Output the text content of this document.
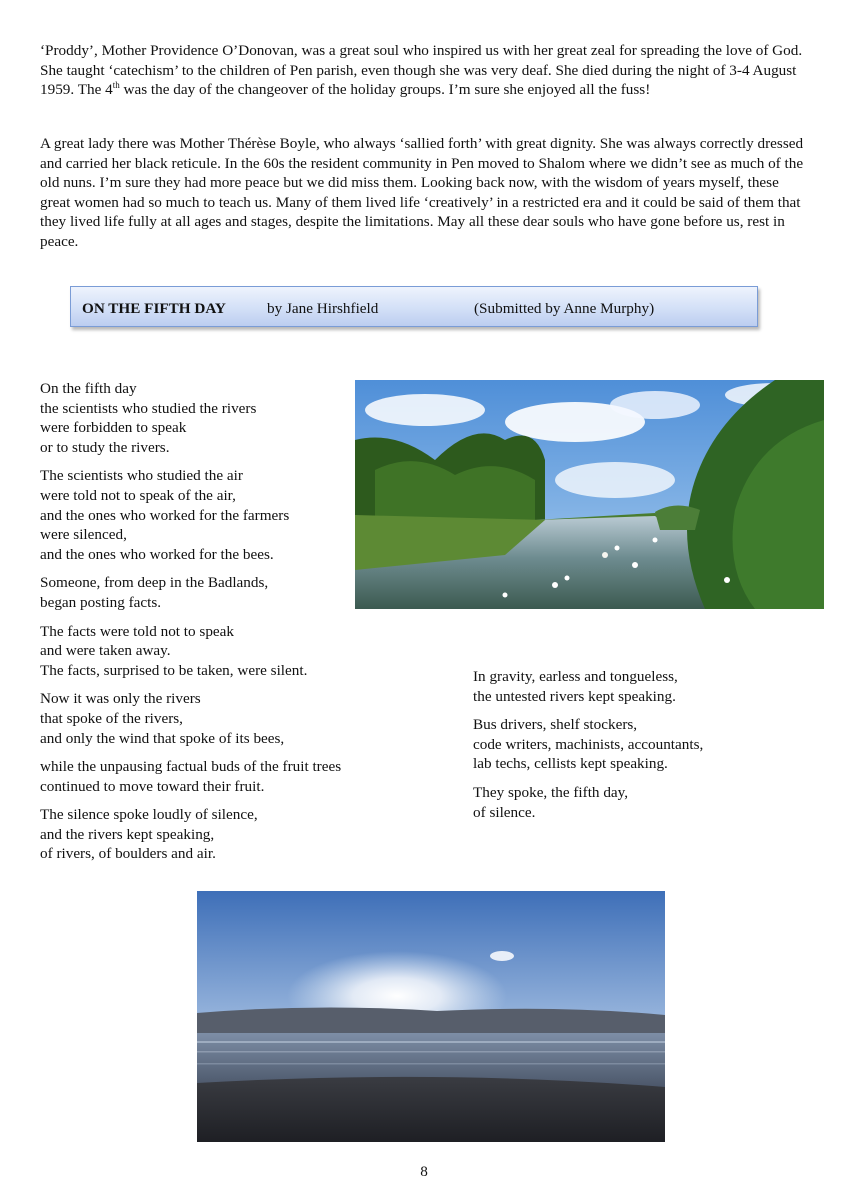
‘Proddy’, Mother Providence O’Donovan, was a great soul who inspired us with her great zeal for spreading the love of God. She taught ‘catechism’ to the children of Pen parish, even though she was very deaf. She died during the night of 3-4 August 1959. The 4th was the day of the changeover of the holiday groups. I’m sure she enjoyed all the fuss!

A great lady there was Mother Thérèse Boyle, who always ‘sallied forth’ with great dignity. She was always correctly dressed and carried her black reticule. In the 60s the resident community in Pen moved to Shalom where we didn’t see as much of the old nuns. I’m sure they had more peace but we did miss them. Looking back now, with the wisdom of years myself, these great women had so much to teach us. Many of them lived life ‘creatively’ in a restricted era and it could be said of them that they lived life fully at all ages and stages, despite the limitations. May all these dear souls who have gone before us, rest in peace.

ON THE FIFTH DAY	by Jane Hirshfield	(Submitted by Anne Murphy)
On the fifth day
the scientists who studied the rivers
were forbidden to speak
or to study the rivers.
The scientists who studied the air
were told not to speak of the air,
and the ones who worked for the farmers
were silenced,
and the ones who worked for the bees.
Someone, from deep in the Badlands,
began posting facts.
The facts were told not to speak
and were taken away.
The facts, surprised to be taken, were silent.
Now it was only the rivers
that spoke of the rivers,
and only the wind that spoke of its bees,
while the unpausing factual buds of the fruit trees
continued to move toward their fruit.
The silence spoke loudly of silence,
and the rivers kept speaking,
of rivers, of boulders and air.
In gravity, earless and tongueless,
the untested rivers kept speaking.
Bus drivers, shelf stockers,
code writers, machinists, accountants,
lab techs, cellists kept speaking.
They spoke, the fifth day,
of silence.
8
